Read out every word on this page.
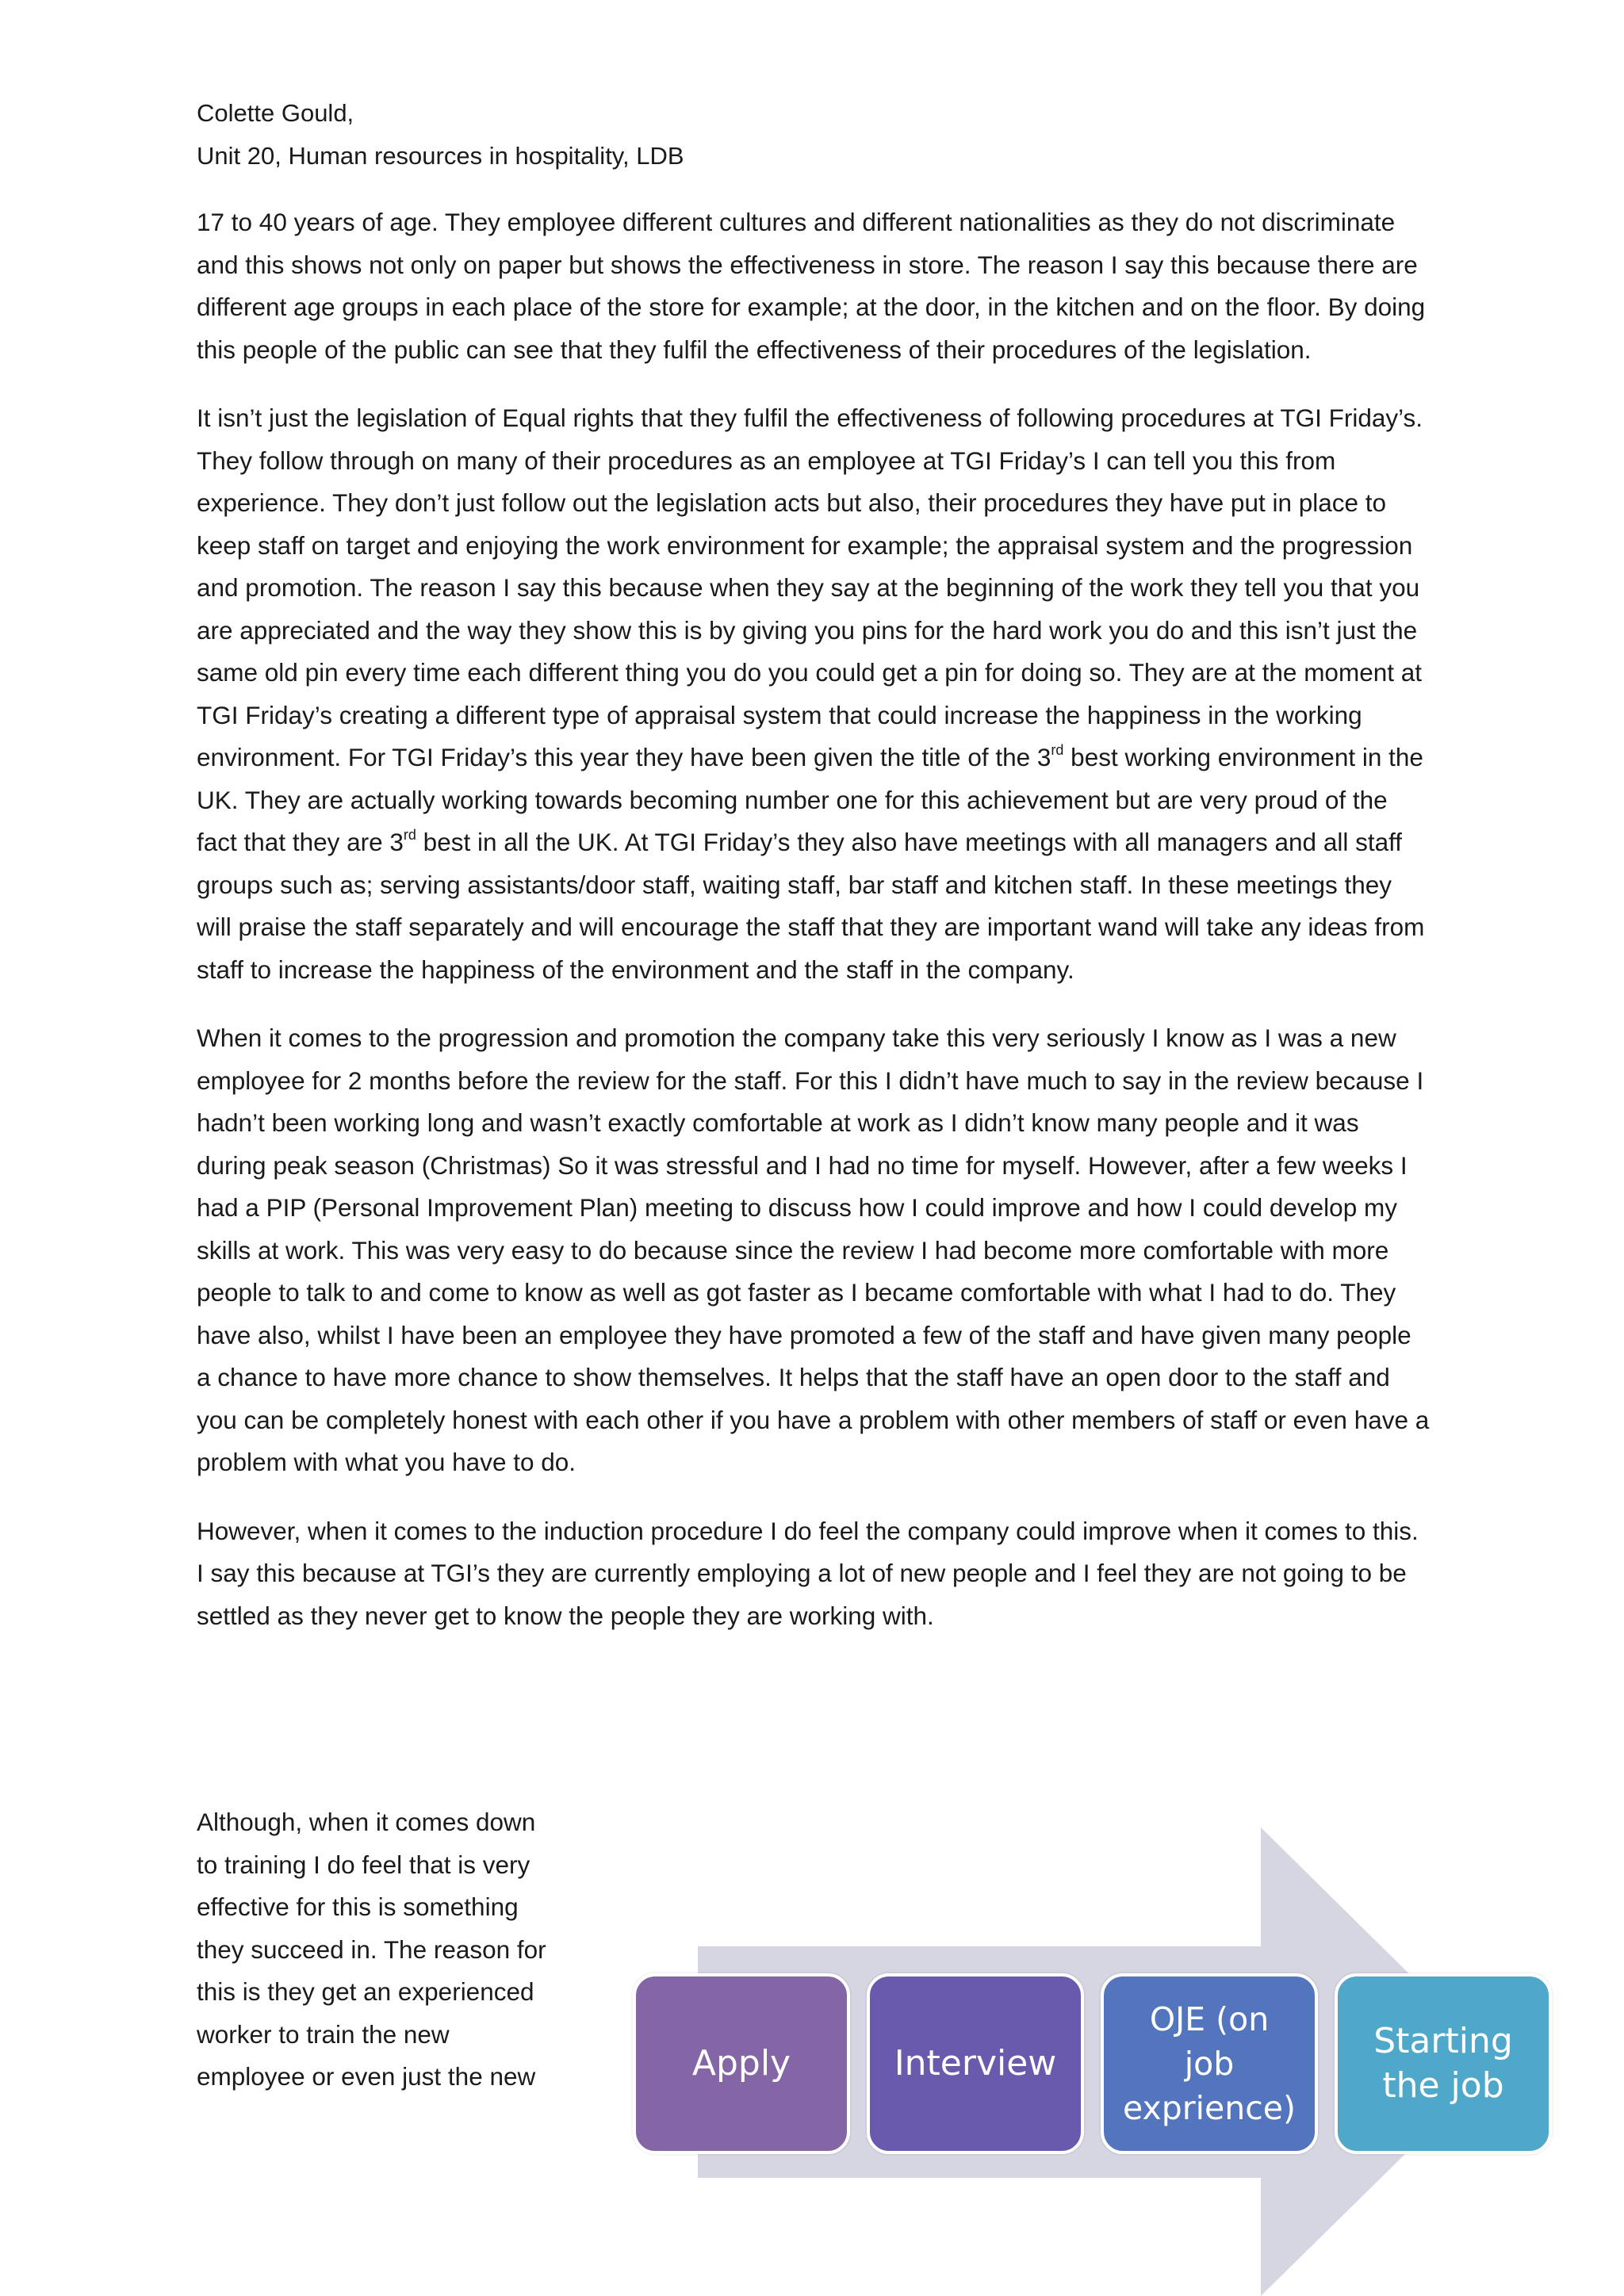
Colette Gould,
Unit 20, Human resources in hospitality, LDB

17 to 40 years of age. They employee different cultures and different nationalities as they do not discriminate and this shows not only on paper but shows the effectiveness in store. The reason I say this because there are different age groups in each place of the store for example; at the door, in the kitchen and on the floor. By doing this people of the public can see that they fulfil the effectiveness of their procedures of the legislation.

It isn’t just the legislation of Equal rights that they fulfil the effectiveness of following procedures at TGI Friday’s. They follow through on many of their procedures as an employee at TGI Friday’s I can tell you this from experience. They don’t just follow out the legislation acts but also, their procedures they have put in place to keep staff on target and enjoying the work environment for example; the appraisal system and the progression and promotion. The reason I say this because when they say at the beginning of the work they tell you that you are appreciated and the way they show this is by giving you pins for the hard work you do and this isn’t just the same old pin every time each different thing you do you could get a pin for doing so. They are at the moment at TGI Friday’s creating a different type of appraisal system that could increase the happiness in the working environment. For TGI Friday’s this year they have been given the title of the 3rd best working environment in the UK. They are actually working towards becoming number one for this achievement but are very proud of the fact that they are 3rd best in all the UK. At TGI Friday’s they also have meetings with all managers and all staff groups such as; serving assistants/door staff, waiting staff, bar staff and kitchen staff. In these meetings they will praise the staff separately and will encourage the staff that they are important wand will take any ideas from staff to increase the happiness of the environment and the staff in the company.

When it comes to the progression and promotion the company take this very seriously I know as I was a new employee for 2 months before the review for the staff. For this I didn’t have much to say in the review because I hadn’t been working long and wasn’t exactly comfortable at work as I didn’t know many people and it was during peak season (Christmas) So it was stressful and I had no time for myself. However, after a few weeks I had a PIP (Personal Improvement Plan) meeting to discuss how I could improve and how I could develop my skills at work. This was very easy to do because since the review I had become more comfortable with more people to talk to and come to know as well as got faster as I became comfortable with what I had to do. They have also, whilst I have been an employee they have promoted a few of the staff and have given many people a chance to have more chance to show themselves. It helps that the staff have an open door to the staff and you can be completely honest with each other if you have a problem with other members of staff or even have a problem with what you have to do.

However, when it comes to the induction procedure I do feel the company could improve when it comes to this. I say this because at TGI’s they are currently employing a lot of new people and I feel they are not going to be settled as they never get to know the people they are working with.

Although, when it comes down
to training I do feel that is very
effective for this is something
they succeed in. The reason for
this is they get an experienced
worker to train the new
employee or even just the new	Apply	Interview
OJE (on
job
exprience)
Starting
the job
